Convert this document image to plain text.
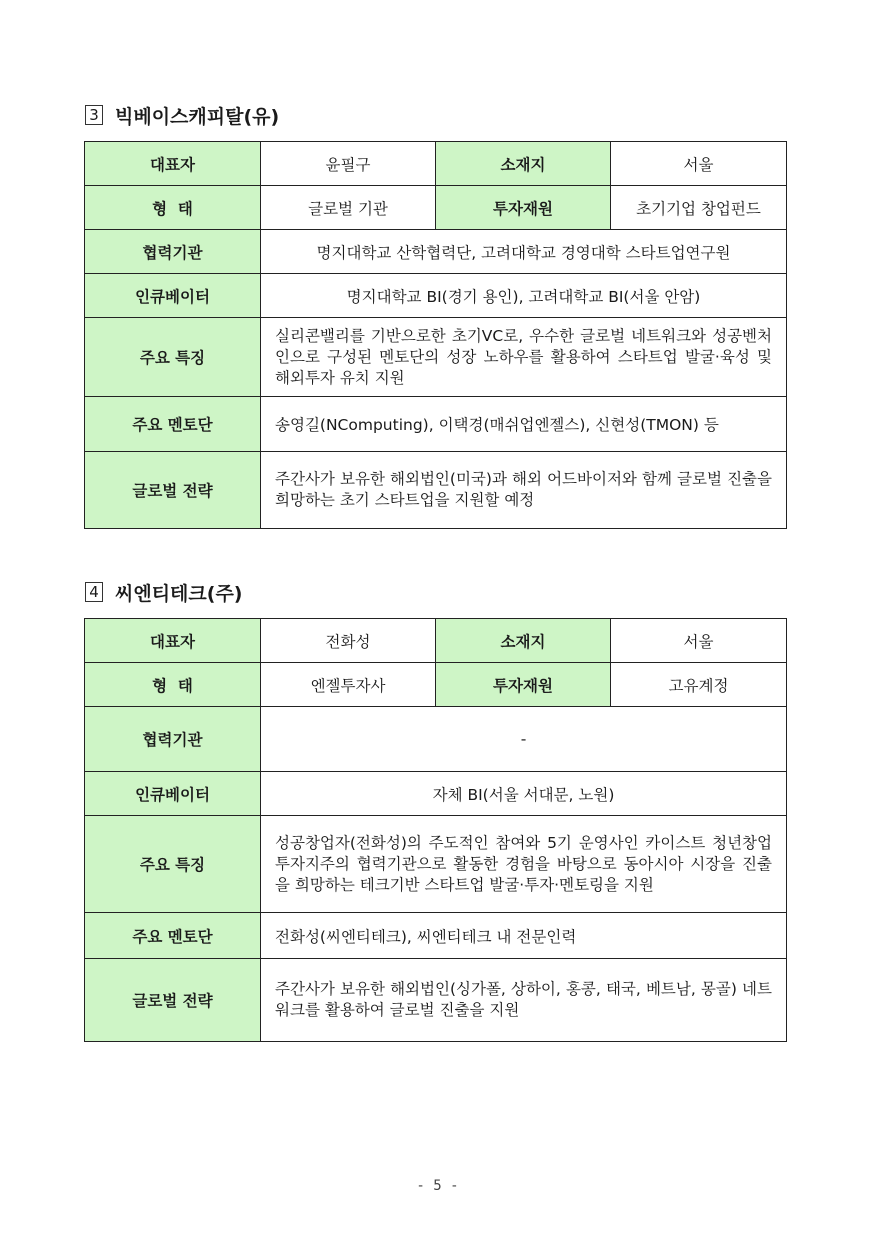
3 빅베이스캐피탈(유)
대표자	윤필구	소재지	서울
형  태	글로벌 기관	투자재원	초기기업 창업펀드
협력기관	명지대학교 산학협력단, 고려대학교 경영대학 스타트업연구원		
인큐베이터	명지대학교 BI(경기 용인), 고려대학교 BI(서울 안암)		
주요 특징	실리콘밸리를 기반으로한 초기VC로, 우수한 글로벌 네트워크와 성공벤처인으로 구성된 멘토단의 성장 노하우를 활용하여 스타트업 발굴·육성 및 해외투자 유치 지원		
주요 멘토단	송영길(NComputing), 이택경(매쉬업엔젤스), 신현성(TMON) 등		
글로벌 전략	주간사가 보유한 해외법인(미국)과 해외 어드바이저와 함께 글로벌 진출을 희망하는 초기 스타트업을 지원할 예정		
4 씨엔티테크(주)
대표자	전화성	소재지	서울
형  태	엔젤투자사	투자재원	고유계정
협력기관	-		
인큐베이터	자체 BI(서울 서대문, 노원)		
주요 특징	성공창업자(전화성)의 주도적인 참여와 5기 운영사인 카이스트 청년창업투자지주의 협력기관으로 활동한 경험을 바탕으로 동아시아 시장을 진출을 희망하는 테크기반 스타트업 발굴·투자·멘토링을 지원		
주요 멘토단	전화성(씨엔티테크), 씨엔티테크 내 전문인력		
글로벌 전략	주간사가 보유한 해외법인(싱가폴, 상하이, 홍콩, 태국, 베트남, 몽골) 네트워크를 활용하여 글로벌 진출을 지원		
- 5 -
